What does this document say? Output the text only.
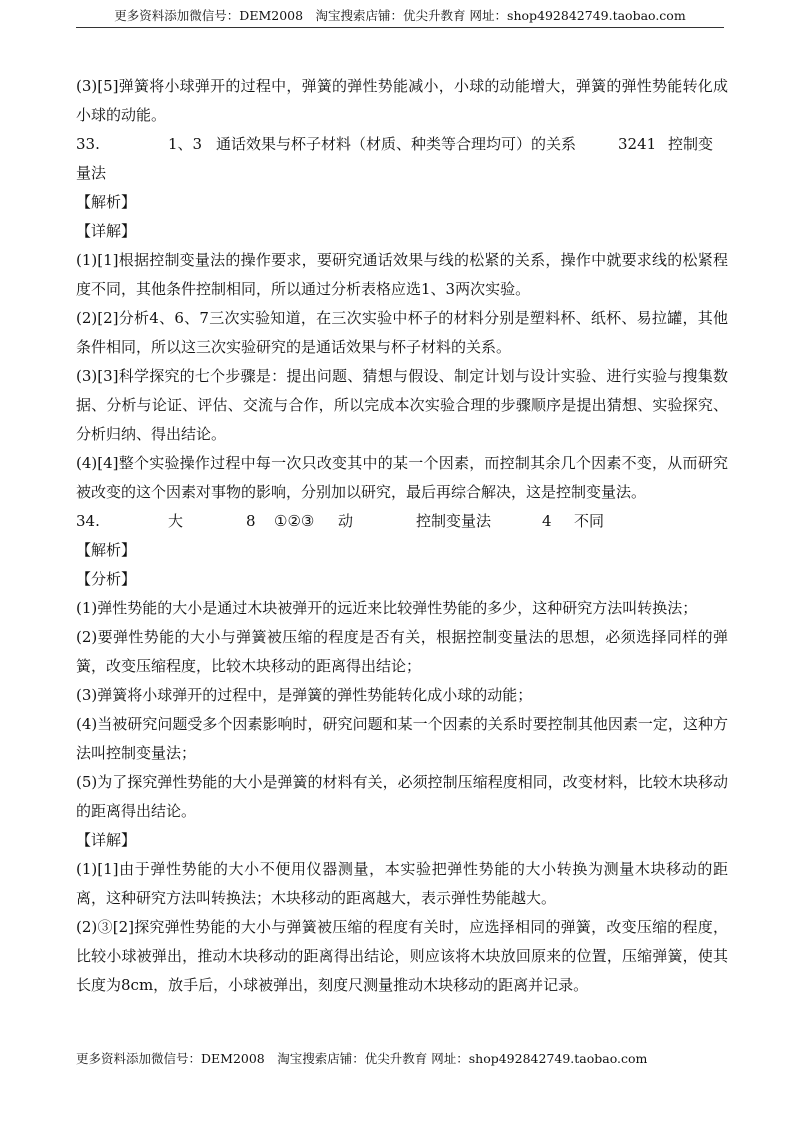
更多资料添加微信号：DEM2008　淘宝搜索店铺：优尖升教育 网址：shop492842749.taobao.com

(3)[5]弹簧将小球弹开的过程中，弹簧的弹性势能减小，小球的动能增大，弹簧的弹性势能转化成小球的动能。

33.	1、3 通话效果与杯子材料（材质、种类等合理均可）的关系	3241 控制变

量法

【解析】

【详解】

(1)[1]根据控制变量法的操作要求，要研究通话效果与线的松紧的关系，操作中就要求线的松紧程度不同，其他条件控制相同，所以通过分析表格应选1、3两次实验。

(2)[2]分析4、6、7三次实验知道，在三次实验中杯子的材料分别是塑料杯、纸杯、易拉罐，其他条件相同，所以这三次实验研究的是通话效果与杯子材料的关系。

(3)[3]科学探究的七个步骤是：提出问题、猜想与假设、制定计划与设计实验、进行实验与搜集数据、分析与论证、评估、交流与合作，所以完成本次实验合理的步骤顺序是提出猜想、实验探究、分析归纳、得出结论。

(4)[4]整个实验操作过程中每一次只改变其中的某一个因素，而控制其余几个因素不变，从而研究被改变的这个因素对事物的影响，分别加以研究，最后再综合解决，这是控制变量法。

34.	大	8	①②③	动	控制变量法	4	不同

【解析】

【分析】

(1)弹性势能的大小是通过木块被弹开的远近来比较弹性势能的多少，这种研究方法叫转换法；

(2)要弹性势能的大小与弹簧被压缩的程度是否有关，根据控制变量法的思想，必须选择同样的弹簧，改变压缩程度，比较木块移动的距离得出结论；

(3)弹簧将小球弹开的过程中，是弹簧的弹性势能转化成小球的动能；

(4)当被研究问题受多个因素影响时，研究问题和某一个因素的关系时要控制其他因素一定，这种方法叫控制变量法；

(5)为了探究弹性势能的大小是弹簧的材料有关，必须控制压缩程度相同，改变材料，比较木块移动的距离得出结论。

【详解】

(1)[1]由于弹性势能的大小不便用仪器测量，本实验把弹性势能的大小转换为测量木块移动的距离，这种研究方法叫转换法；木块移动的距离越大，表示弹性势能越大。

(2)③[2]探究弹性势能的大小与弹簧被压缩的程度有关时，应选择相同的弹簧，改变压缩的程度，比较小球被弹出，推动木块移动的距离得出结论，则应该将木块放回原来的位置，压缩弹簧，使其长度为8cm，放手后，小球被弹出，刻度尺测量推动木块移动的距离并记录。

更多资料添加微信号：DEM2008　淘宝搜索店铺：优尖升教育 网址：shop492842749.taobao.com
